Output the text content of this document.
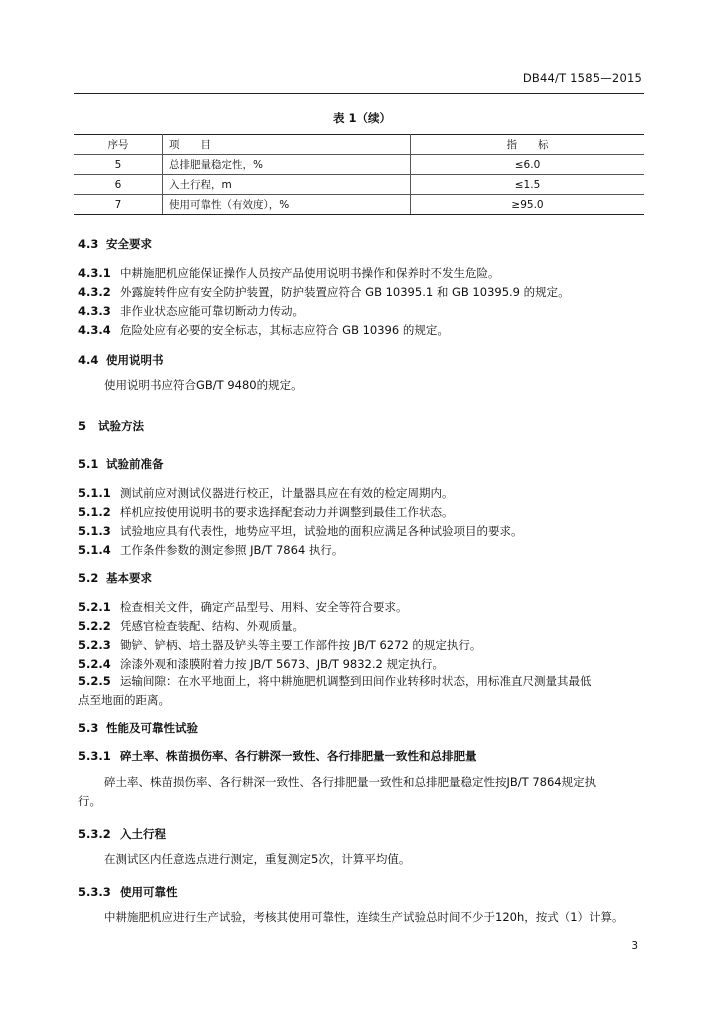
DB44/T 1585—2015
表 1（续）
序号	项　　目	指　　标
5	总排肥量稳定性，%	≤6.0
6	入土行程，m	≤1.5
7	使用可靠性（有效度），%	≥95.0
4.3 安全要求
4.3.1 中耕施肥机应能保证操作人员按产品使用说明书操作和保养时不发生危险。
4.3.2 外露旋转件应有安全防护装置，防护装置应符合 GB 10395.1 和 GB 10395.9 的规定。
4.3.3 非作业状态应能可靠切断动力传动。
4.3.4 危险处应有必要的安全标志，其标志应符合 GB 10396 的规定。
4.4 使用说明书
使用说明书应符合GB/T 9480的规定。
5 试验方法
5.1 试验前准备
5.1.1 测试前应对测试仪器进行校正，计量器具应在有效的检定周期内。
5.1.2 样机应按使用说明书的要求选择配套动力并调整到最佳工作状态。
5.1.3 试验地应具有代表性，地势应平坦，试验地的面积应满足各种试验项目的要求。
5.1.4 工作条件参数的测定参照 JB/T 7864 执行。
5.2 基本要求
5.2.1 检查相关文件，确定产品型号、用料、安全等符合要求。
5.2.2 凭感官检查装配、结构、外观质量。
5.2.3 锄铲、铲柄、培土器及铲头等主要工作部件按 JB/T 6272 的规定执行。
5.2.4 涂漆外观和漆膜附着力按 JB/T 5673、JB/T 9832.2 规定执行。
5.2.5 运输间隙：在水平地面上，将中耕施肥机调整到田间作业转移时状态，用标准直尺测量其最低
点至地面的距离。
5.3 性能及可靠性试验
5.3.1 碎土率、株苗损伤率、各行耕深一致性、各行排肥量一致性和总排肥量
碎土率、株苗损伤率、各行耕深一致性、各行排肥量一致性和总排肥量稳定性按JB/T 7864规定执
行。
5.3.2 入土行程
在测试区内任意选点进行测定，重复测定5次，计算平均值。
5.3.3 使用可靠性
中耕施肥机应进行生产试验，考核其使用可靠性，连续生产试验总时间不少于120h，按式（1）计算。
3
